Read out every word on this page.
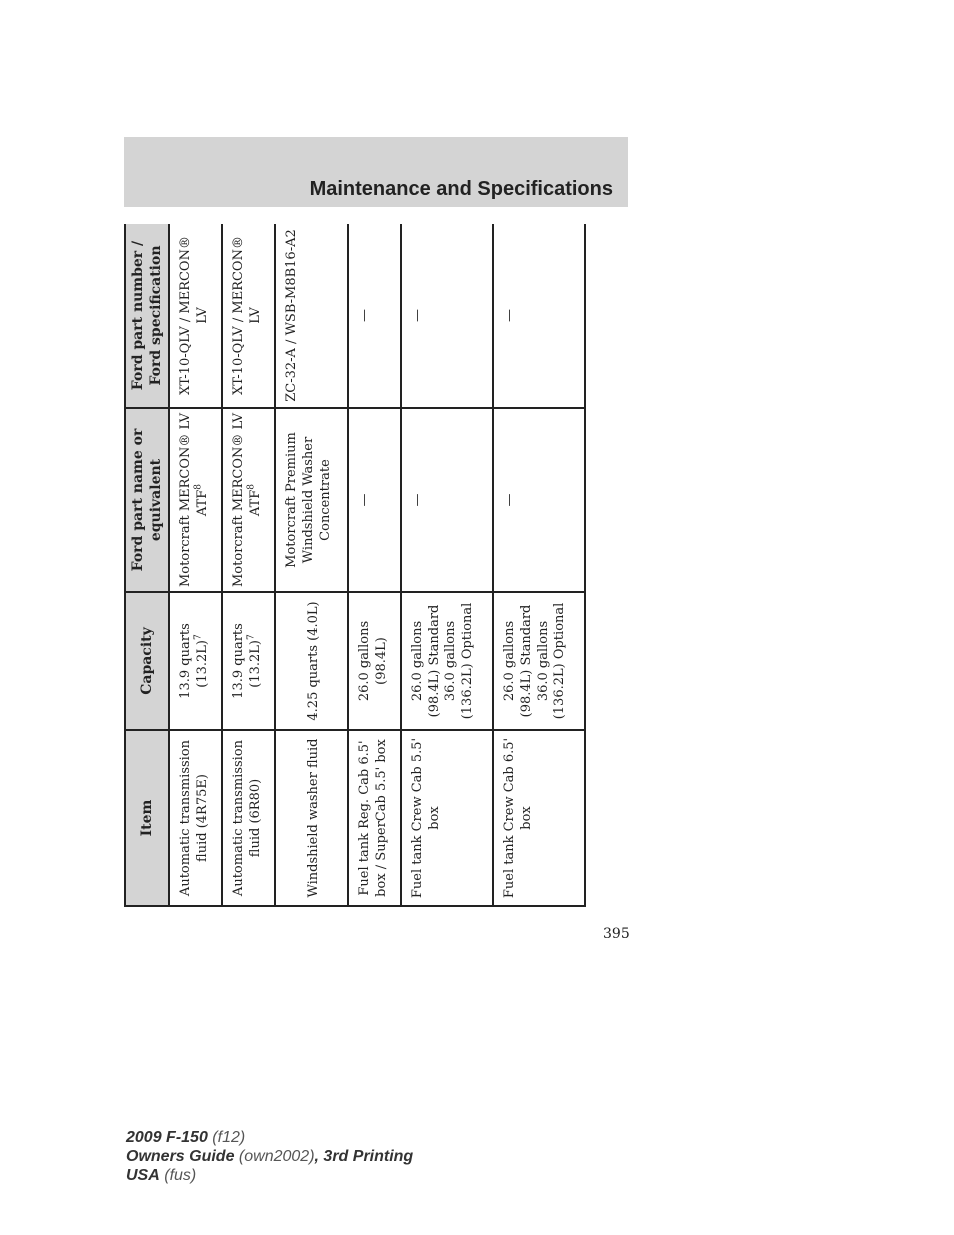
Maintenance and Specifications
Item	Capacity	Ford part name or equivalent	Ford part number / Ford specification
Automatic transmission fluid (4R75E)	13.9 quarts $(13.2L)^7$	Motorcraft MERCON® LV ATF$^8$	XT-10-QLV / MERCON® LV
Automatic transmission fluid (6R80)	13.9 quarts $(13.2L)^7$	Motorcraft MERCON® LV ATF$^8$	XT-10-QLV / MERCON® LV
Windshield washer fluid	4.25 quarts (4.0L)	Motorcraft Premium Windshield Washer Concentrate	ZC-32-A / WSB-M8B16-A2
Fuel tank Reg. Cab 6.5' box / SuperCab 5.5' box	26.0 gallons (98.4L)	—	—
Fuel tank Crew Cab 5.5' box	26.0 gallons (98.4L) Standard 36.0 gallons (136.2L) Optional	—	—
Fuel tank Crew Cab 6.5' box	26.0 gallons (98.4L) Standard 36.0 gallons (136.2L) Optional	—	—
395
2009 F-150 (f12)
Owners Guide (own2002), 3rd Printing
USA (fus)
